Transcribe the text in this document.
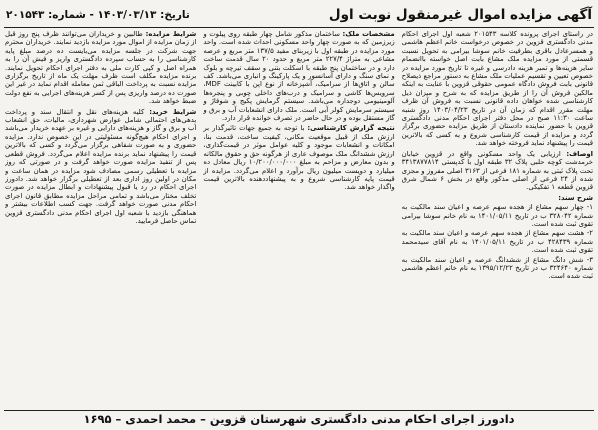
آگهی مزایده اموال غیرمنقول نوبت اول
تاریخ: ۱۴۰۳/۰۳/۱۳ - شماره: ۲۰۱۵۴۳

در راستای اجرای پرونده کلاسه ۲۰۱۵۴۳ شعبه اول اجرای احکام مدنی دادگستری قزوین در خصوص درخواست خانم اعظم هاشمی و همسرعادل باقری بطرفیت خانم سوشا بیرامی به تحویل نسبت قسمتی از مورد مزایده ملک مشاع بابت اصل خواسته باانضمام سایر هزینه‌ها و تمبر هزینه دادرسی و غیره تا تاریخ مورد مزایده در خصوص تعیین و تقسیم عملیات ملک مشاع به دستور مراجع ذیصلاح قانونی بابت فروش دادگاه عمومی حقوقی قزوین با عنایت به اینکه مالکین فروش آن را از طریق مزایده که به شرح و میزان ذیل کارشناسی شده خواهان داده قانونی نسبت به فروش آن ظرف مهلت مقرر اقدام که زمان آن در تاریخ ۱۴۰۳/۰۴/۲۳ روز شنبه ساعت ۱۱:۳۰ صبح در محل دفتر اجرای احکام مدنی دادگستری قزوین با حضور نماینده دادستان از طریق مزایده حضوری برگزار گردد و مزایده از قیمت کارشناسی شروع و به کسی که بالاترین قیمت را پیشنهاد نماید فروخته خواهد شد.

اوصاف: ارزیابی یک واحد مسکونی واقع در قزوین خیابان خرمدشت کوچه حلبی پلاک ۳۲ طبقه اول با کدپستی ۳۴۱۳۸۷۷۸۱۴ تحت پلاک ثبتی به شماره ۱۸۱ فرعی از ۳۱۶۳ اصلی مفروز و مجزی شده از ۲۴ فرعی از اصلی مذکور واقع در بخش ۶ شمال شرق قزوین قطعه ۱ تفکیکی.

شرح سند:

۱- چهار سهم مشاع از هجده سهم عرصه و اعیان سند مالکیت به شماره ۳۲۸۰۴۲ ب در تاریخ ۱۴۰۱/۰۵/۱۱ به نام خانم سوشا بیرامی تقوی ثبت شده است.

۲- هشت سهم مشاع از هجده سهم عرصه و اعیان سند مالکیت به شماره ۴۲۸۴۳۹ ب در تاریخ ۱۴۰۱/۰۵/۱۱ به نام آقای سیدمحمد تقوی ثبت شده است.

۳- شش دانگ مشاع از ششدانگ عرصه و اعیان سند مالکیت به شماره ۳۲۴۶۴۰ ب در تاریخ ۱۳۹۵/۱۲/۲۲ به نام خانم اعظم هاشمی ثبت شده است.

مشخصات ملک: ساختمان مذکور شامل چهار طبقه روی پیلوت و زیرزمین که به صورت چهار واحد مسکونی احداث شده است. واحد مورد مزایده در طبقه اول با زیربنای مفید ۱۳۷/۵ متر مربع و عرصه مشاعی به متراژ ۲۲۷/۴ متر مربع و حدود ۲۰ سال قدمت ساخت دارد و در ساختمان پنج طبقه با اسکلت بتنی و سقف تیرچه و بلوک و نمای سنگ و دارای آسانسور و یک پارکینگ و انباری می‌باشد. کف سالن و اتاق‌ها از سرامیک، آشپزخانه از نوع اپن با کابینت MDF، سرویس‌ها کاشی و سرامیک و درب‌های داخلی چوبی و پنجره‌ها آلومینیومی دوجداره می‌باشد. سیستم گرمایش پکیج و شوفاژ و سیستم سرمایش کولر آبی است. ملک دارای انشعابات آب و برق و گاز مستقل بوده و در حال حاضر در تصرف خوانده قرار دارد.

نتیجه گزارش کارشناسی: با توجه به جمیع جهات تاثیرگذار بر ارزش ملک از قبیل موقعیت مکانی، کیفیت ساخت، قدمت بنا، امکانات و انشعابات موجود و کلیه عوامل موثر در قیمت‌گذاری، ارزش ششدانگ ملک موصوف عاری از هرگونه حق و حقوق مالکانه و بدون معارض و مزاحم به مبلغ ۱۰/۲۰۰/۰۰۰/۰۰۰ ریال معادل ده میلیارد و دویست میلیون ریال برآورد و اعلام می‌گردد. مزایده از قیمت پایه کارشناسی شروع و به پیشنهاددهنده بالاترین قیمت واگذار خواهد شد.

شرایط مزایده: طالبین و خریداران می‌توانند ظرف پنج روز قبل از زمان مزایده از اموال مورد مزایده بازدید نمایند. خریداران محترم جهت شرکت در جلسه مزایده می‌بایست ده درصد مبلغ پایه کارشناسی را به حساب سپرده دادگستری واریز و فیش آن را به همراه اصل و کپی کارت ملی به دفتر اجرای احکام تحویل نمایند. برنده مزایده مکلف است ظرف مهلت یک ماه از تاریخ برگزاری مزایده نسبت به پرداخت الباقی ثمن معامله اقدام نماید در غیر این صورت ده درصد واریزی پس از کسر هزینه‌های اجرایی به نفع دولت ضبط خواهد شد.

شرایط خرید: کلیه هزینه‌های نقل و انتقال سند و پرداخت بدهی‌های احتمالی شامل عوارض شهرداری، مالیات، حق انشعاب آب و برق و گاز و هزینه‌های دارایی و غیره بر عهده خریدار می‌باشد و اجرای احکام هیچ‌گونه مسئولیتی در این خصوص ندارد. مزایده حضوری و به صورت شفاهی برگزار می‌گردد و کسی که بالاترین قیمت را پیشنهاد نماید برنده مزایده اعلام می‌گردد. فروش قطعی پس از تنفیذ مزایده صورت خواهد گرفت و در صورتی که روز مزایده با تعطیلی رسمی مصادف شود مزایده در همان ساعت و مکان در اولین روز اداری بعد از تعطیلی برگزار خواهد شد. دادورز اجرای احکام در رد یا قبول پیشنهادات و ابطال مزایده در صورت تخلف مختار می‌باشد و تمامی مراحل مزایده مطابق قانون اجرای احکام مدنی صورت خواهد گرفت. جهت کسب اطلاعات بیشتر و هماهنگی بازدید با شعبه اول اجرای احکام مدنی دادگستری قزوین تماس حاصل فرمایید.

دادورز اجرای احکام مدنی دادگستری شهرستان قزوین – محمد احمدی – ۱۶۹۵
